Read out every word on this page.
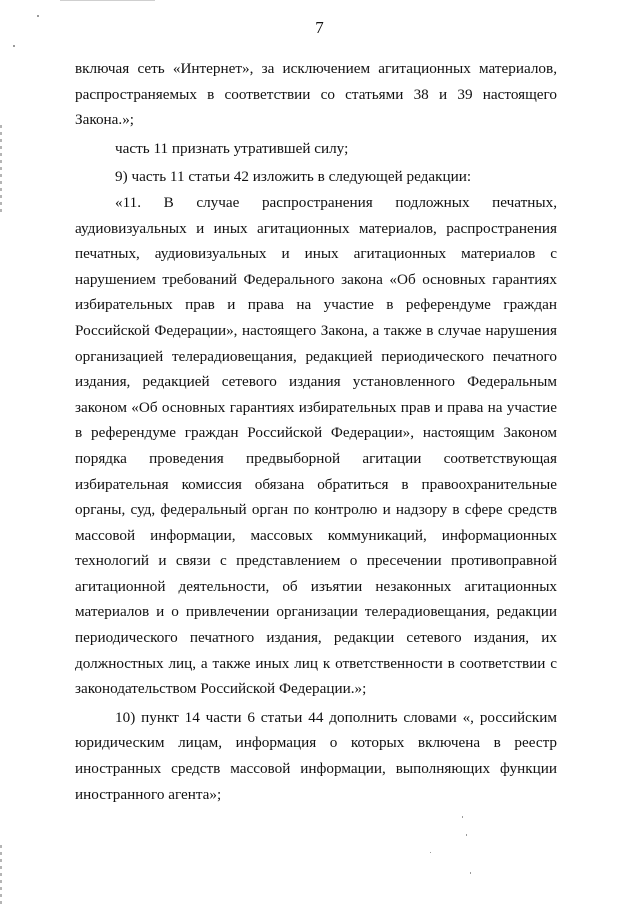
7

включая сеть «Интернет», за исключением агитационных материалов, распространяемых в соответствии со статьями 38 и 39 настоящего Закона.»;

часть 11 признать утратившей силу;

9) часть 11 статьи 42 изложить в следующей редакции:

«11. В случае распространения подложных печатных, аудиовизуальных и иных агитационных материалов, распространения печатных, аудиовизуальных и иных агитационных материалов с нарушением требований Федерального закона «Об основных гарантиях избирательных прав и права на участие в референдуме граждан Российской Федерации», настоящего Закона, а также в случае нарушения организацией телерадиовещания, редакцией периодического печатного издания, редакцией сетевого издания установленного Федеральным законом «Об основных гарантиях избирательных прав и права на участие в референдуме граждан Российской Федерации», настоящим Законом порядка проведения предвыборной агитации соответствующая избирательная комиссия обязана обратиться в правоохранительные органы, суд, федеральный орган по контролю и надзору в сфере средств массовой информации, массовых коммуникаций, информационных технологий и связи с представлением о пресечении противоправной агитационной деятельности, об изъятии незаконных агитационных материалов и о привлечении организации телерадиовещания, редакции периодического печатного издания, редакции сетевого издания, их должностных лиц, а также иных лиц к ответственности в соответствии с законодательством Российской Федерации.»;

10) пункт 14 части 6 статьи 44 дополнить словами «, российским юридическим лицам, информация о которых включена в реестр иностранных средств массовой информации, выполняющих функции иностранного агента»;
